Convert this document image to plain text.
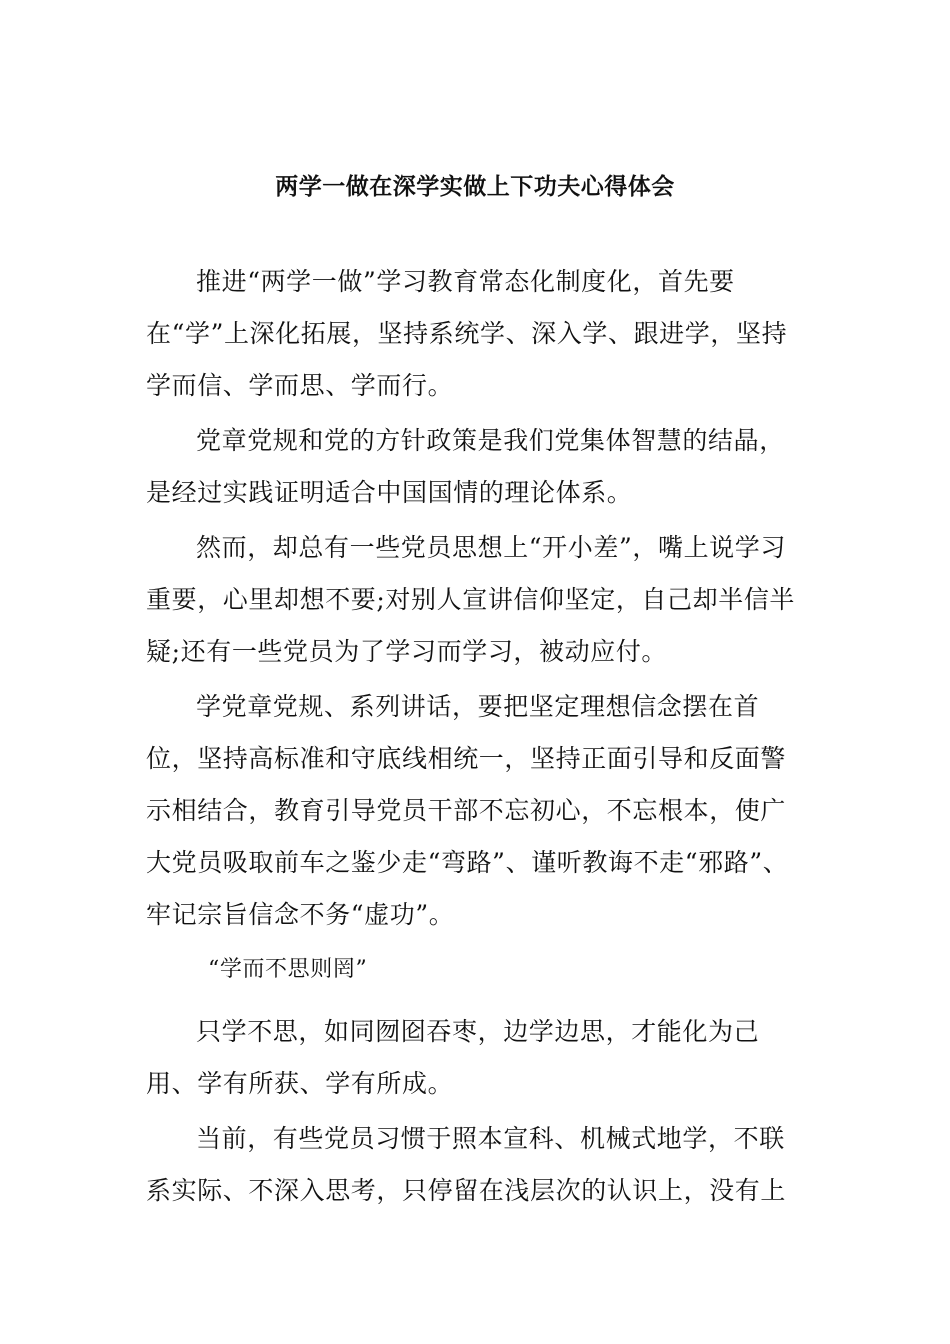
两学一做在深学实做上下功夫心得体会

推进“两学一做”学习教育常态化制度化，首先要在“学”上深化拓展，坚持系统学、深入学、跟进学，坚持学而信、学而思、学而行。

党章党规和党的方针政策是我们党集体智慧的结晶，是经过实践证明适合中国国情的理论体系。

然而，却总有一些党员思想上“开小差”，嘴上说学习重要，心里却想不要;对别人宣讲信仰坚定，自己却半信半疑;还有一些党员为了学习而学习，被动应付。

学党章党规、系列讲话，要把坚定理想信念摆在首位，坚持高标准和守底线相统一，坚持正面引导和反面警示相结合，教育引导党员干部不忘初心，不忘根本，使广大党员吸取前车之鉴少走“弯路”、谨听教诲不走“邪路”、牢记宗旨信念不务“虚功”。

“学而不思则罔”

只学不思，如同囫囵吞枣，边学边思，才能化为己用、学有所获、学有所成。

当前，有些党员习惯于照本宣科、机械式地学，不联系实际、不深入思考，只停留在浅层次的认识上，没有上
